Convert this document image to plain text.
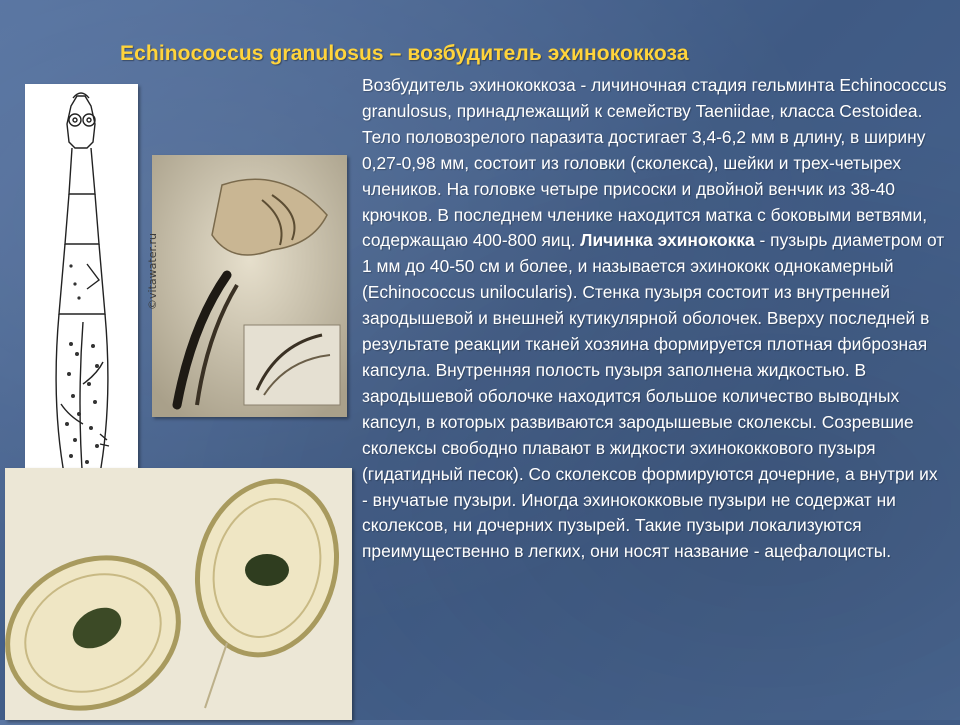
Echinococcus granulosus – возбудитель эхинококкоза
Возбудитель эхинококкоза - личиночная стадия гельминта Echinococcus granulosus, принадлежащий к семейству Taeniidae, класса Cestoidea. Тело половозрелого паразита достигает 3,4-6,2 мм в длину, в ширину 0,27-0,98 мм, состоит из головки (сколекса), шейки и трех-четырех члеников. На головке четыре присоски и двойной венчик из 38-40 крючков. В последнем членике находится матка с боковыми ветвями, содержащаю 400-800 яиц. Личинка эхинококка - пузырь диаметром от 1 мм до 40-50 см и более, и называется эхинококк однокамерный (Echinococcus unilocularis). Стенка пузыря состоит из внутренней зародышевой и внешней кутикулярной оболочек. Вверху последней в результате реакции тканей хозяина формируется плотная фиброзная капсула. Внутренняя полость пузыря заполнена жидкостью. В зародышевой оболочке находится большое количество выводных капсул, в которых развиваются зародышевые сколексы. Созревшие сколексы свободно плавают в жидкости эхинококкового пузыря (гидатидный песок). Со сколексов формируются дочерние, а внутри их - внучатые пузыри. Иногда эхинококковые пузыри не содержат ни сколексов, ни дочерних пузырей. Такие пузыри локализуются преимущественно в легких, они носят название - ацефалоцисты.
©vitawater.ru
